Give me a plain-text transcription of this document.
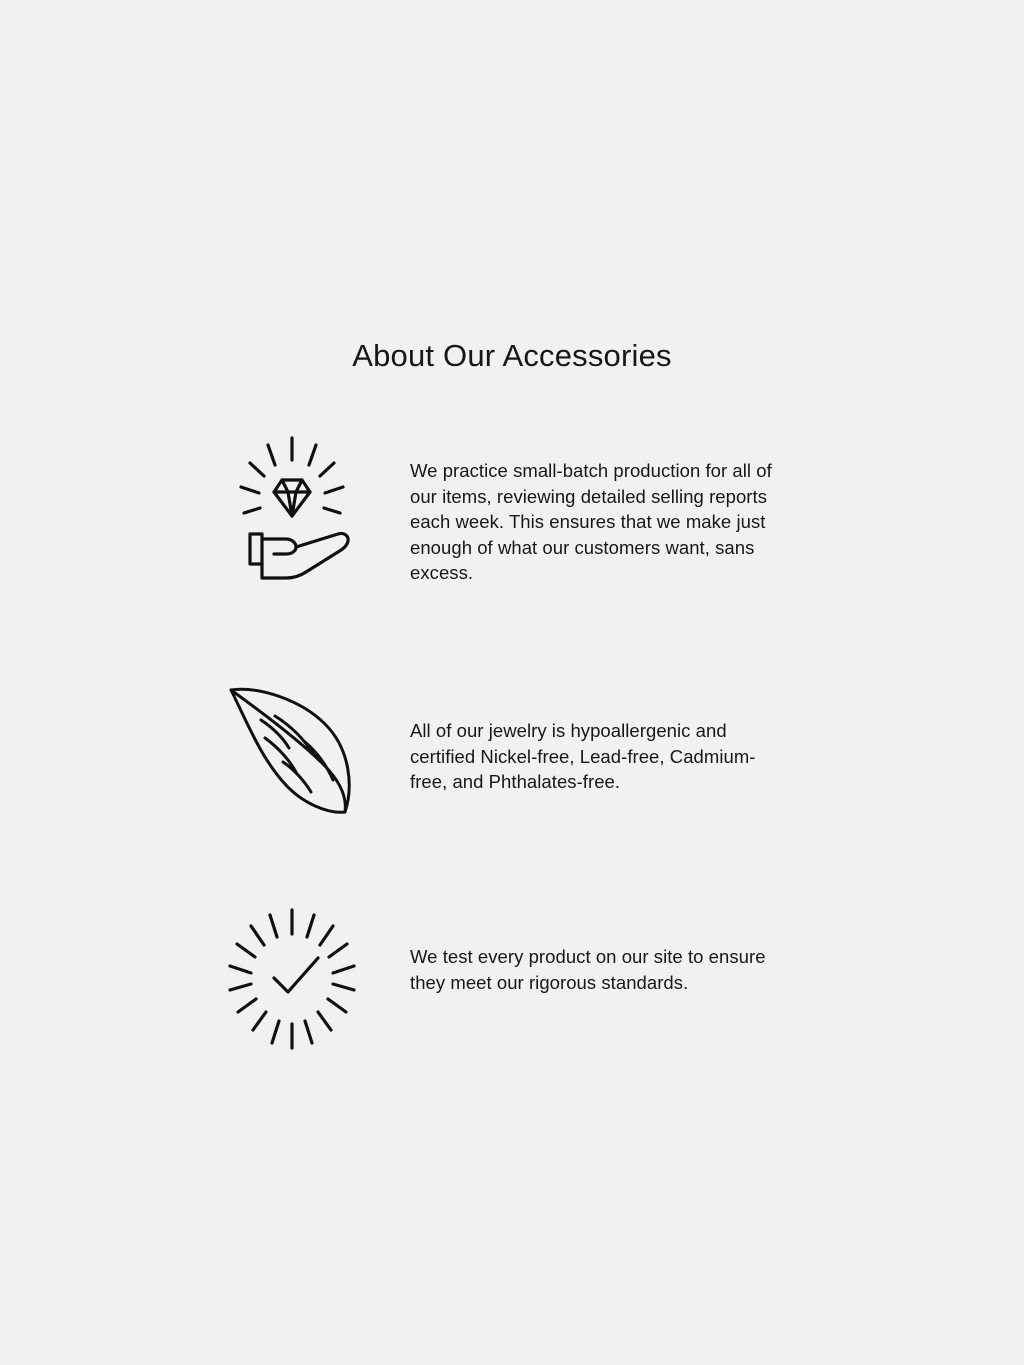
About Our Accessories
We practice small-batch production for all of our items, reviewing detailed selling reports each week. This ensures that we make just enough of what our customers want, sans excess.
All of our jewelry is hypoallergenic and certified Nickel-free, Lead-free, Cadmium-free, and Phthalates-free.
We test every product on our site to ensure they meet our rigorous standards.
